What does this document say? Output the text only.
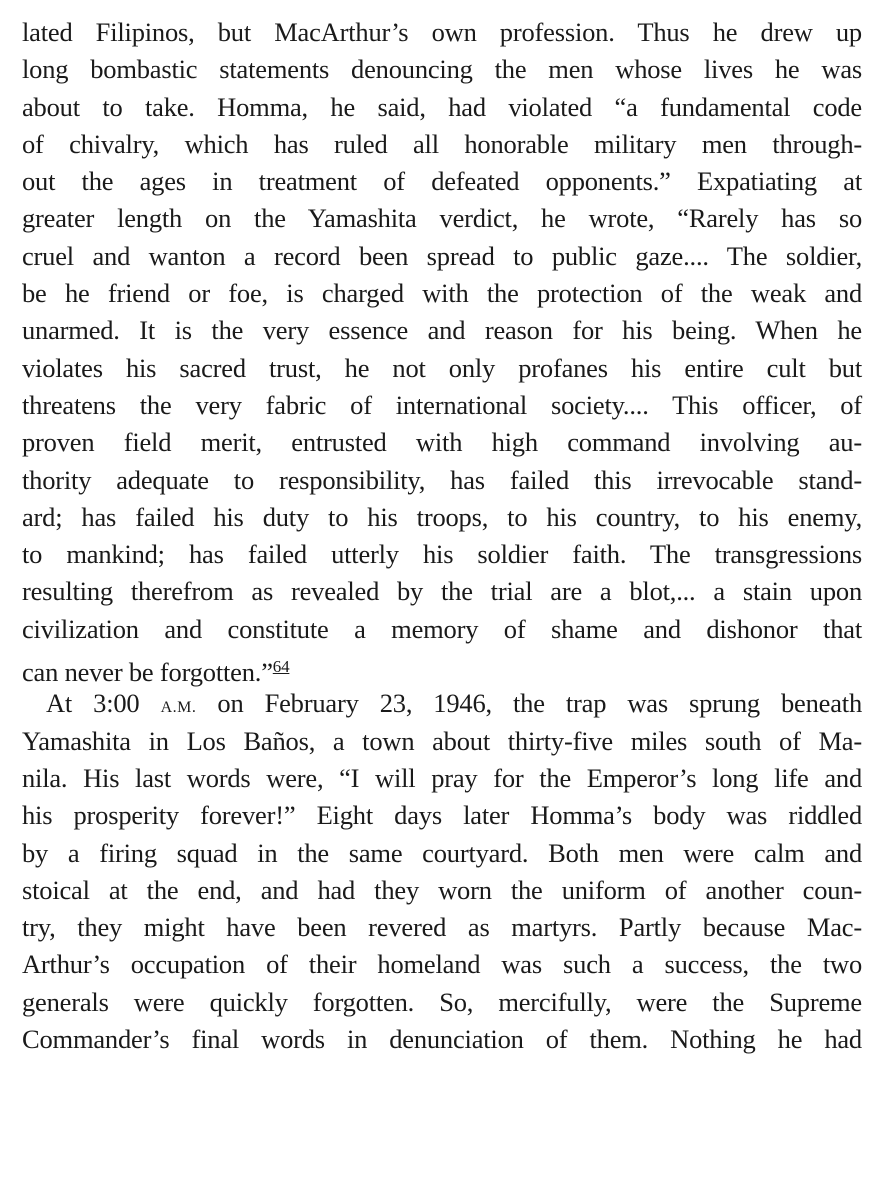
lated Filipinos, but MacArthur’s own profession. Thus he drew up
long bombastic statements denouncing the men whose lives he was
about to take. Homma, he said, had violated “a fundamental code
of chivalry, which has ruled all honorable military men through-
out the ages in treatment of defeated opponents.” Expatiating at
greater length on the Yamashita verdict, he wrote, “Rarely has so
cruel and wanton a record been spread to public gaze.... The soldier,
be he friend or foe, is charged with the protection of the weak and
unarmed. It is the very essence and reason for his being. When he
violates his sacred trust, he not only profanes his entire cult but
threatens the very fabric of international society.... This officer, of
proven field merit, entrusted with high command involving au-
thority adequate to responsibility, has failed this irrevocable stand-
ard; has failed his duty to his troops, to his country, to his enemy,
to mankind; has failed utterly his soldier faith. The transgressions
resulting therefrom as revealed by the trial are a blot,... a stain upon
civilization and constitute a memory of shame and dishonor that
can never be forgotten.”$^{64}$
At 3:00 A.M. on February 23, 1946, the trap was sprung beneath
Yamashita in Los Baños, a town about thirty-five miles south of Ma-
nila. His last words were, “I will pray for the Emperor’s long life and
his prosperity forever!” Eight days later Homma’s body was riddled
by a firing squad in the same courtyard. Both men were calm and
stoical at the end, and had they worn the uniform of another coun-
try, they might have been revered as martyrs. Partly because Mac-
Arthur’s occupation of their homeland was such a success, the two
generals were quickly forgotten. So, mercifully, were the Supreme
Commander’s final words in denunciation of them. Nothing he had
